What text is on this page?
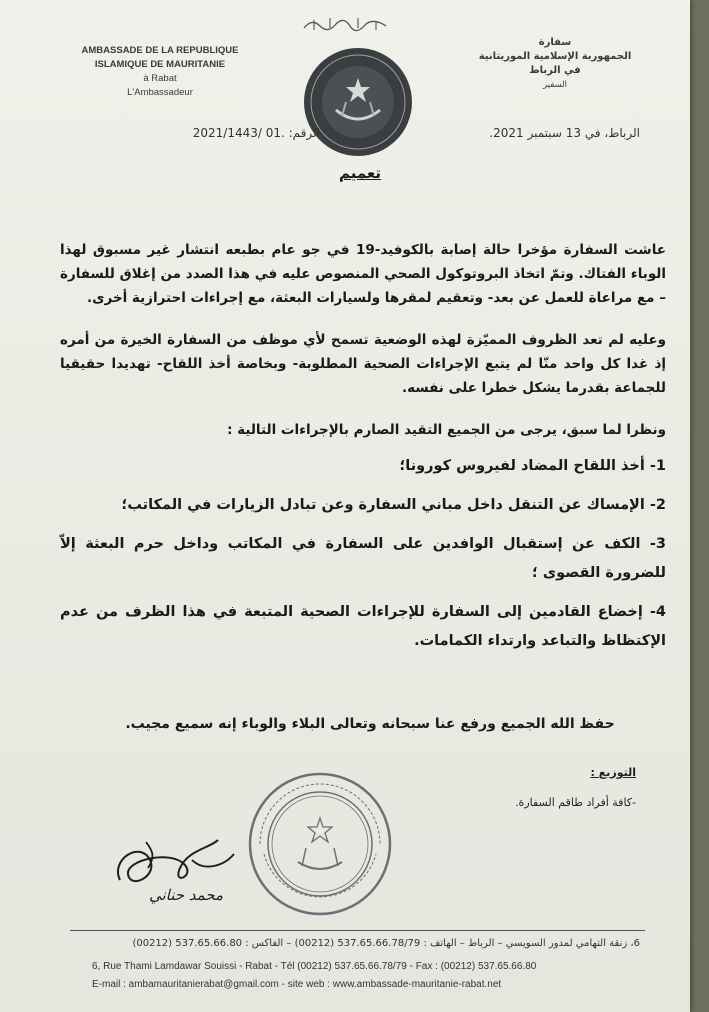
AMBASSADE DE LA REPUBLIQUE
ISLAMIQUE DE MAURITANIE
à Rabat
L'Ambassadeur
سفارة
الجمهورية الإسلامية الموريتانية
في الرباط
السفير
الرقم: 2021/1443/ 01.	الرباط، في 13 سبتمبر 2021.
تعميم

عاشت السفارة مؤخرا حالة إصابة بالكوفيد-19 في جو عام بطبعه انتشار غير مسبوق لهذا الوباء الفتاك. وتمّ اتخاذ البروتوكول الصحي المنصوص عليه في هذا الصدد من إغلاق للسفارة – مع مراعاة للعمل عن بعد- وتعقيم لمقرها ولسيارات البعثة، مع إجراءات احترازية أخرى.

وعليه لم تعد الظروف المميّزة لهذه الوضعية تسمح لأي موظف من السفارة الخيرة من أمره إذ غدا كل واحد منّا لم يتبع الإجراءات الصحية المطلوبة- وبخاصة أخذ اللقاح- تهديدا حقيقيا للجماعة بقدرما يشكل خطرا على نفسه.

ونظرا لما سبق، يرجى من الجميع التقيد الصارم بالإجراءات التالية :

1- أخذ اللقاح المضاد لفيروس كورونا؛
2- الإمساك عن التنقل داخل مباني السفارة وعن تبادل الزيارات في المكاتب؛
3- الكف عن إستقبال الوافدين على السفارة في المكاتب وداخل حرم البعثة إلاّ للضرورة القصوى ؛
4- إخضاع القادمين إلى السفارة للإجراءات الصحية المتبعة في هذا الظرف من عدم الإكتظاظ والتباعد وارتداء الكمامات.
حفظ الله الجميع ورفع عنا سبحانه وتعالى البلاء والوباء إنه سميع مجيب.
التوزيع :
-كافة أفراد طاقم السفارة.
محمد حناني
6، زنقة التهامي لمدور السويسي – الرباط – الهاتف : 537.65.66.78/79 (00212) – الفاكس : 537.65.66.80 (00212)
6, Rue Thami Lamdawar Souissi - Rabat - Tél (00212) 537.65.66.78/79 - Fax : (00212) 537.65.66.80
E-mail : ambamauritanierabat@gmail.com - site web : www.ambassade-mauritanie-rabat.net
